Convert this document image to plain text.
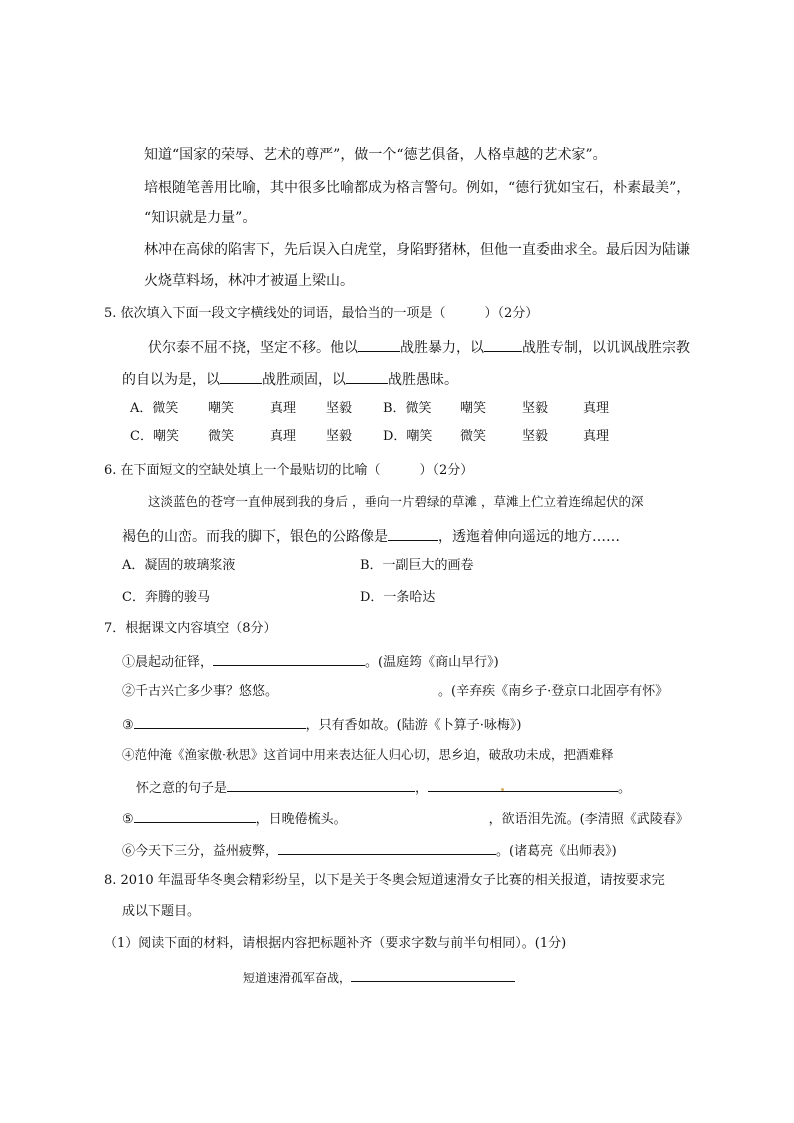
知道“国家的荣辱、艺术的尊严”，做一个“德艺俱备，人格卓越的艺术家”。
培根随笔善用比喻，其中很多比喻都成为格言警句。例如，“德行犹如宝石，朴素最美”，
“知识就是力量”。
林冲在高俅的陷害下，先后误入白虎堂，身陷野猪林，但他一直委曲求全。最后因为陆谦
火烧草料场，林冲才被逼上梁山。
5. 依次填入下面一段文字横线处的词语，最恰当的一项是（　　　）（2分）
伏尔泰不屈不挠，坚定不移。他以	战胜暴力，以	战胜专制，以讥讽战胜宗教
的自以为是，以	战胜顽固，以	战胜愚昧。
A．微笑 嘲笑	真理 坚毅 B．微笑 嘲笑	坚毅	真理
C．嘲笑 微笑	真理 坚毅 D．嘲笑 微笑	坚毅	真理
6. 在下面短文的空缺处填上一个最贴切的比喻（　　　）（2分）
这淡蓝色的苍穹一直伸展到我的身后 ，垂向一片碧绿的草滩 ，草滩上伫立着连绵起伏的深
褐色的山峦。而我的脚下，银色的公路像是	，透迤着伸向遥远的地方……
A．凝固的玻璃浆液	B．一副巨大的画卷
C．奔腾的骏马	D．一条哈达
7．根据课文内容填空（8分）
①晨起动征铎，	。(温庭筠《商山早行》)
②千古兴亡多少事？悠悠。	。(辛弃疾《南乡子·登京口北固亭有怀》
③	，只有香如故。(陆游《卜算子·咏梅》)
④范仲淹《渔家傲·秋思》这首词中用来表达征人归心切，思乡迫，破敌功未成，把酒难释
怀之意的句子是	，	。
⑤	，日晚倦梳头。	，欲语泪先流。(李清照《武陵春》
⑥今天下三分，益州疲弊，	。(诸葛亮《出师表》)
8. 2010 年温哥华冬奥会精彩纷呈，以下是关于冬奥会短道速滑女子比赛的相关报道，请按要求完
成以下题目。
（1）阅读下面的材料，请根据内容把标题补齐（要求字数与前半句相同）。(1分)
短道速滑孤军奋战，
